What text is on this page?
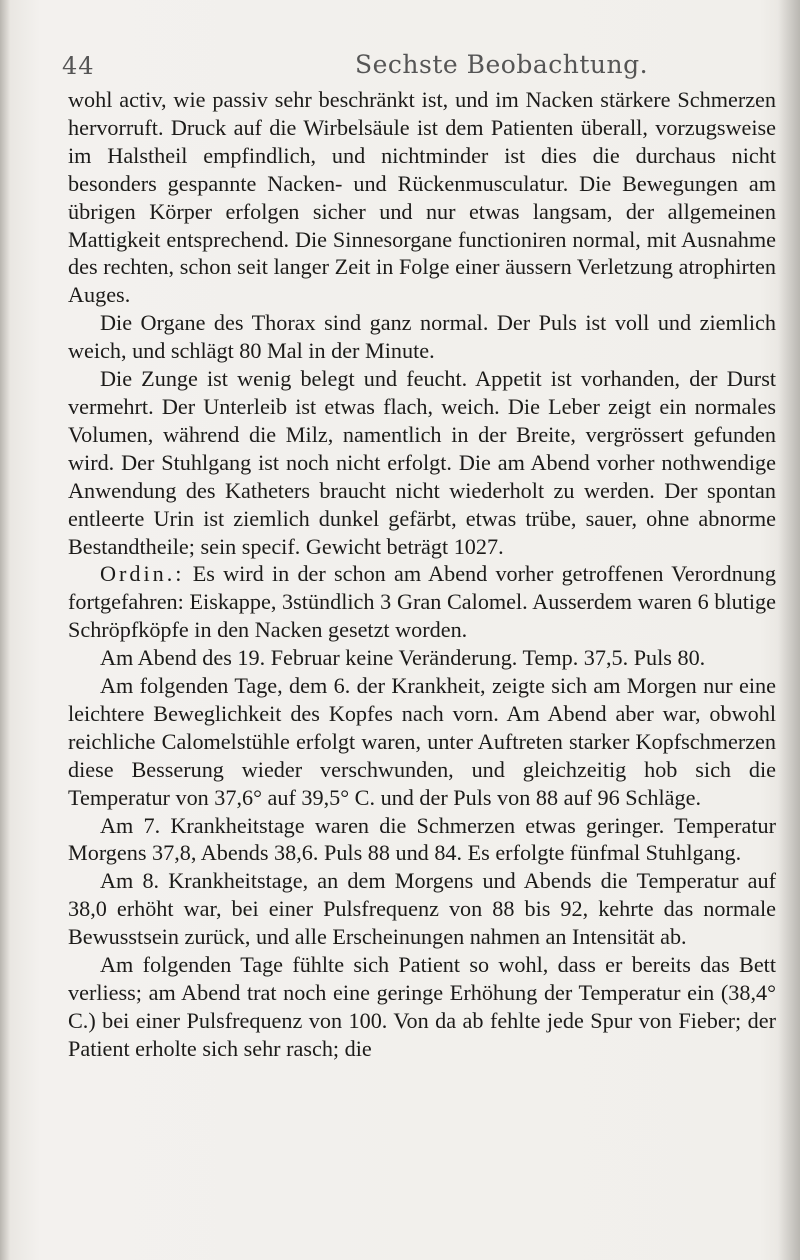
44	Sechste Beobachtung.

wohl activ, wie passiv sehr beschränkt ist, und im Nacken stärkere Schmerzen hervorruft. Druck auf die Wirbelsäule ist dem Patienten überall, vorzugsweise im Halstheil empfindlich, und nichtminder ist dies die durchaus nicht besonders gespannte Nacken- und Rückenmusculatur. Die Bewegungen am übrigen Körper erfolgen sicher und nur etwas langsam, der allgemeinen Mattigkeit entsprechend. Die Sinnesorgane functioniren normal, mit Ausnahme des rechten, schon seit langer Zeit in Folge einer äussern Verletzung atrophirten Auges.

Die Organe des Thorax sind ganz normal. Der Puls ist voll und ziemlich weich, und schlägt 80 Mal in der Minute.

Die Zunge ist wenig belegt und feucht. Appetit ist vorhanden, der Durst vermehrt. Der Unterleib ist etwas flach, weich. Die Leber zeigt ein normales Volumen, während die Milz, namentlich in der Breite, vergrössert gefunden wird. Der Stuhlgang ist noch nicht erfolgt. Die am Abend vorher nothwendige Anwendung des Katheters braucht nicht wiederholt zu werden. Der spontan entleerte Urin ist ziemlich dunkel gefärbt, etwas trübe, sauer, ohne abnorme Bestandtheile; sein specif. Gewicht beträgt 1027.

Ordin.: Es wird in der schon am Abend vorher getroffenen Verordnung fortgefahren: Eiskappe, 3stündlich 3 Gran Calomel. Ausserdem waren 6 blutige Schröpfköpfe in den Nacken gesetzt worden.

Am Abend des 19. Februar keine Veränderung. Temp. 37,5. Puls 80.

Am folgenden Tage, dem 6. der Krankheit, zeigte sich am Morgen nur eine leichtere Beweglichkeit des Kopfes nach vorn. Am Abend aber war, obwohl reichliche Calomelstühle erfolgt waren, unter Auftreten starker Kopfschmerzen diese Besserung wieder verschwunden, und gleichzeitig hob sich die Temperatur von 37,6° auf 39,5° C. und der Puls von 88 auf 96 Schläge.

Am 7. Krankheitstage waren die Schmerzen etwas geringer. Temperatur Morgens 37,8, Abends 38,6. Puls 88 und 84. Es erfolgte fünfmal Stuhlgang.

Am 8. Krankheitstage, an dem Morgens und Abends die Temperatur auf 38,0 erhöht war, bei einer Pulsfrequenz von 88 bis 92, kehrte das normale Bewusstsein zurück, und alle Erscheinungen nahmen an Intensität ab.

Am folgenden Tage fühlte sich Patient so wohl, dass er bereits das Bett verliess; am Abend trat noch eine geringe Erhöhung der Temperatur ein (38,4° C.) bei einer Pulsfrequenz von 100. Von da ab fehlte jede Spur von Fieber; der Patient erholte sich sehr rasch; die
